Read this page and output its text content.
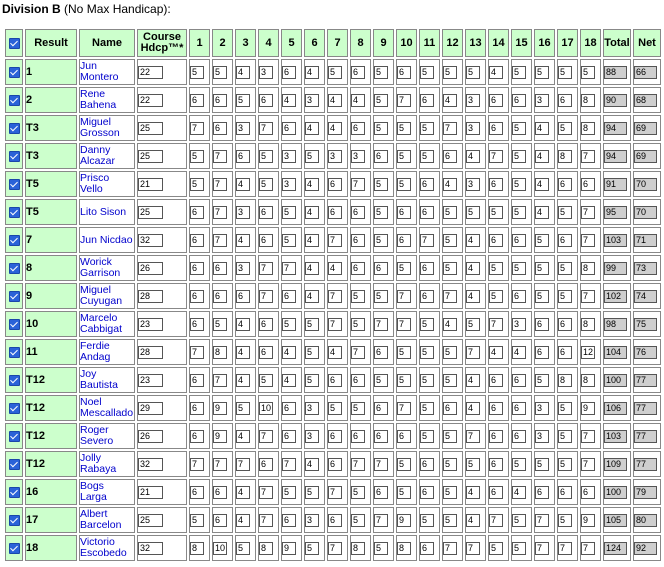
Division B (No Max Handicap):
	Result	Name	Course
Hdcp™*	1	2	3	4	5	6	7	8	9	10	11	12	13	14	15	16	17	18	Total	Net
	1	Jun
Montero	22	5	5	4	3	6	4	5	6	5	6	5	5	5	4	5	5	5	5	88	66
	2	Rene
Bahena	22	6	6	5	6	4	3	4	4	5	7	6	4	3	6	6	3	6	8	90	68
	T3	Miguel
Grosson	25	7	6	3	7	6	4	4	6	5	5	5	7	3	6	5	4	5	8	94	69
	T3	Danny
Alcazar	25	5	7	6	5	3	5	3	3	6	5	5	6	4	7	5	4	8	7	94	69
	T5	Prisco
Vello	21	5	7	4	5	3	4	6	7	5	5	6	4	3	6	5	4	6	6	91	70
	T5	Lito Sison	25	6	7	3	6	5	4	6	6	5	6	6	5	5	5	5	4	5	7	95	70
	7	Jun Nicdao	32	6	7	4	6	5	4	7	6	5	6	7	5	4	6	6	5	6	7	103	71
	8	Worick
Garrison	26	6	6	3	7	7	4	4	6	6	5	6	5	4	5	5	5	5	8	99	73
	9	Miguel
Cuyugan	28	6	6	6	7	6	4	7	5	5	7	6	7	4	5	6	5	5	7	102	74
	10	Marcelo
Cabbigat	23	6	5	4	6	5	5	7	5	7	7	5	4	5	7	3	6	6	8	98	75
	11	Ferdie
Andag	28	7	8	4	6	4	5	4	7	6	5	5	5	7	4	4	6	6	12	104	76
	T12	Joy
Bautista	23	6	7	4	5	4	5	6	6	5	5	5	5	4	6	6	5	8	8	100	77
	T12	Noel
Mescallado	29	6	9	5	10	6	3	5	5	6	7	5	6	4	6	6	3	5	9	106	77
	T12	Roger
Severo	26	6	9	4	7	6	3	6	6	6	6	5	5	7	6	6	3	5	7	103	77
	T12	Jolly
Rabaya	32	7	7	7	6	7	4	6	7	7	5	6	5	5	6	5	5	5	7	109	77
	16	Bogs
Larga	21	6	6	4	7	5	5	7	5	6	5	6	5	4	6	4	6	6	6	100	79
	17	Albert
Barcelon	25	5	6	4	7	6	3	6	5	7	9	5	5	4	7	5	7	5	9	105	80
	18	Victorio
Escobedo	32	8	10	5	8	9	5	7	8	5	8	6	7	7	5	5	7	7	7	124	92
